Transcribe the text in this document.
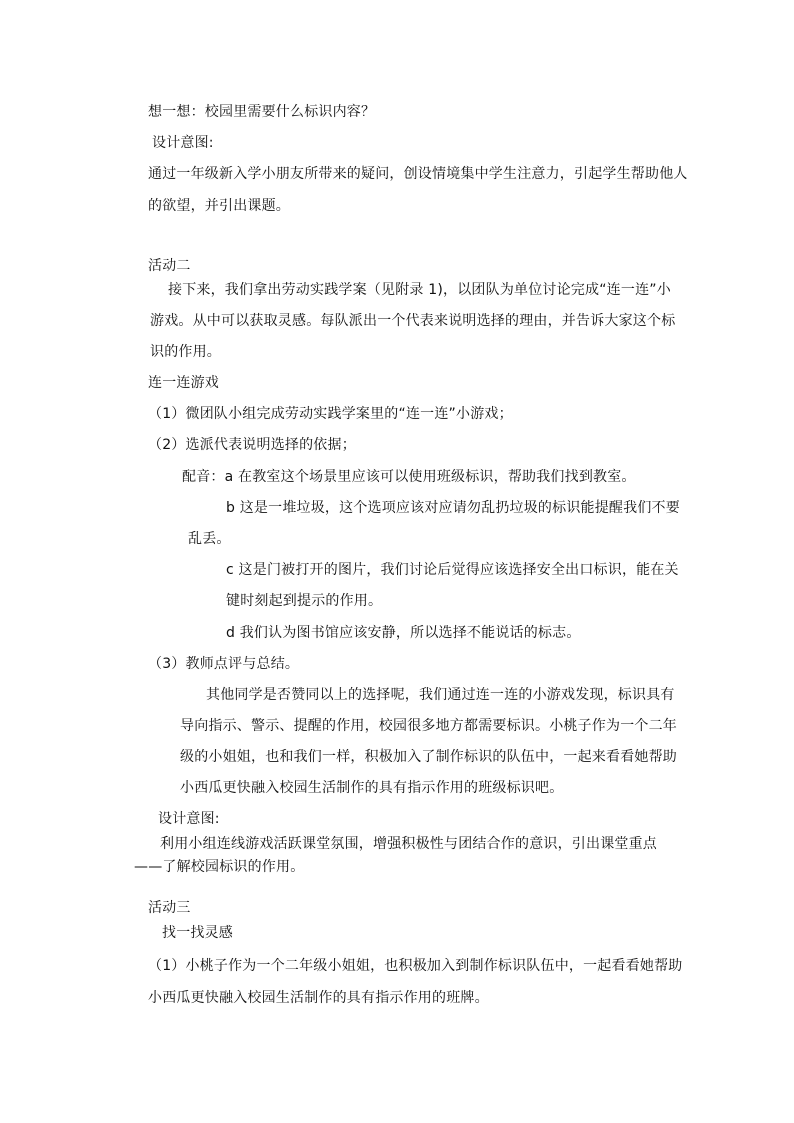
想一想：校园里需要什么标识内容？
设计意图:
通过一年级新入学小朋友所带来的疑问，创设情境集中学生注意力，引起学生帮助他人
的欲望，并引出课题。
活动二
接下来，我们拿出劳动实践学案（见附录 1)，以团队为单位讨论完成“连一连”小
游戏。从中可以获取灵感。每队派出一个代表来说明选择的理由，并告诉大家这个标
识的作用。
连一连游戏
（1）微团队小组完成劳动实践学案里的“连一连”小游戏；
（2）选派代表说明选择的依据；
配音：a 在教室这个场景里应该可以使用班级标识，帮助我们找到教室。
b 这是一堆垃圾，这个选项应该对应请勿乱扔垃圾的标识能提醒我们不要
乱丢。
c 这是门被打开的图片，我们讨论后觉得应该选择安全出口标识，能在关
键时刻起到提示的作用。
d 我们认为图书馆应该安静，所以选择不能说话的标志。
（3）教师点评与总结。
其他同学是否赞同以上的选择呢，我们通过连一连的小游戏发现，标识具有
导向指示、警示、提醒的作用，校园很多地方都需要标识。小桃子作为一个二年
级的小姐姐，也和我们一样，积极加入了制作标识的队伍中，一起来看看她帮助
小西瓜更快融入校园生活制作的具有指示作用的班级标识吧。
设计意图:
利用小组连线游戏活跃课堂氛围，增强积极性与团结合作的意识，引出课堂重点
——了解校园标识的作用。
活动三
找一找灵感
（1）小桃子作为一个二年级小姐姐，也积极加入到制作标识队伍中，一起看看她帮助
小西瓜更快融入校园生活制作的具有指示作用的班牌。
